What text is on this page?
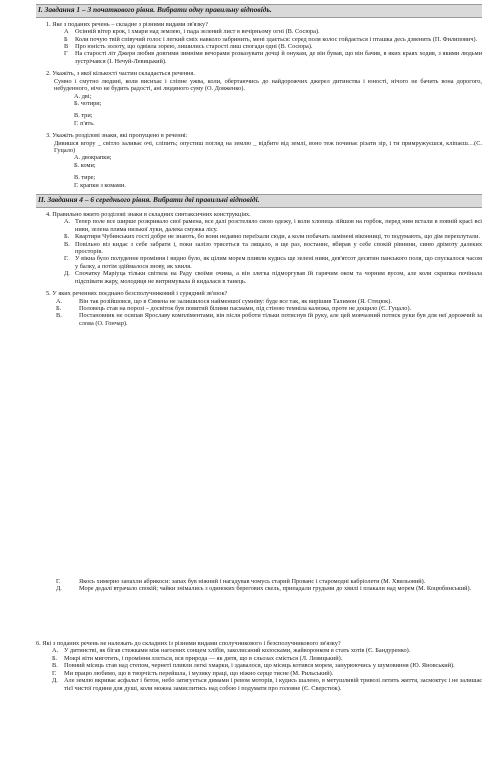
І. Завдання 1 – 3 початкового рівня. Вибрати одну правильну відповідь.

1. Яке з поданих речень – складне з різними видами зв'язку?

А	Осінній вітер крок, і хмари над землею, і пада зелений лист в вечірньому огні (В. Сосюра).
Б	Коли почую твій співучий голос і легкий сміх навколо забринить, мені здається: серед поля колос гойдається і пташка десь дзвенить (П. Филипович).
В	Про юність золоту, що одвіяла зорею, лишились старості лиш спогади одні (В. Сосюра).
Г	На старості літ Джеря любив довгими зимніми вечорами розказувати дочці й онукам, де він бував, що він бачив, в яких краях ходив, з якими людьми зустрічався (І. Нечуй-Левицький).

2. Укажіть, з якої кількості частин складається речення.

Сумно і смутно людині, коли висихає і сліпне ужва, коли, обертаючись до найдорожчих джерел дитинства і юності, нічого не бачить вона дорогого, небуденного, нічо не будить радості, ані людяного суму (О. Довженко).

А. дві;
Б. чотири;
В. три;
Г. п'ять.

3. Укажіть розділові знаки, які пропущено в реченні:

Дивишся вгору _ світло заливає очі, сліпить; опустиш погляд на землю _ відбите від землі, воно теж починає різати зір, і ти примружуєшся, кліпаєш…(С. Гуцало)

А. двокрапки;
Б. коми;
В. тире;
Г. крапки з комами.
ІІ. Завдання 4 – 6 середнього рівня. Вибрати дві правильні відповіді.

4. Правильно вжито розділові знаки в складних синтаксичних конструкціях.

А. Тепер поле все ширше розкривало свої рамена, все далі розстеляло свою одежу, і коли хлопець зійшов на горбок, перед ним встали в повній красі всі ниви, зелена пляма низької луки, далека смужка лісу.
Б. Квартири Чубинських гості добре не знають, бо вони недавно переїхали сюди, а коли побачать замінені віконниці, то подумають, що дім переплутали.
В. Повільно віз кидає з себе забрати і, поки залізо трясеться та лящало, я ще раз, востаннє, вбирав у себе спокій рівнини, синю дрімоту далеких просторів.
Г.	У вікна було полуденне проміння і видно було, як цілим морем пливли кудись ще зелені ниви, дев'ятсот десятин панського поля, що спускалося часом у балку, а потім здіймалося знову, як хвиля.
Д. Спочатку Маріуца тільки світила на Раду своїми очима, а він злегка підморгував їй гарячим оком та чорним вусом, але коли скрипка почінала підспівати жару, молодиця не витримувала й кидалася в танець.

5. У яких реченнях поєднано безсполучниковий і сурядний зв'язок?

А.	Він так розійшовся, що в Євмена не залишилося найменшої сумніву: буде все так, як вирішив Талимон (Я. Стецюк).
Б.	Половець став на порозі – досвіток був повитий білими пасмами, під стіною темніла калюжа, проте не дощило (Є. Гуцало).
В.	Постановник не осипав Ярославу компліментами, він після роботи тільки потиснув їй руку, але цей мовчазний потиск руки був для неї дорожчий за слова (О. Гончар).
Г.	Якось химерно запахли абрикоси: запах був ніжний і нагадував чомусь старий Прованс і старомодні кабріолети (М. Хвильовий).
Д.	Море дедалі втрачало спокій; чайки знімались з одиноких берегових скель, припадали грудьми до хвилі і плакали над морем (М. Коцюбинський).

6. Які з поданих речень не належать до складних із різними видами сполучникового і безсполучникового зв'язку?

А. У дитинстві, як бігав стежками між нагоєних сонцем хлібів, заколисаний колосками, жайворонком в стать хотів (Є. Бандуренко).
Б.	Мокрі віти миготять, і проміння ллється, вся природа — як дитя, що в сльозах сміється (Л. Левицький).
В. Повний місяць став над степом, чернеті пливли легкі хмарки, і здавалося, що місяць котився морем, занурюючись у шумовиння (Ю. Яновський).
Г.	Ми працю любимо, що в творчість перейшла, і музику праці, що ніжно серце тисне (М. Рильський).
Д. Але землю вкриває асфальт і бетон, небо затягується димами і ревом моторів, і кудись шалено, в метушливій тривозі летить життя, засмоктує і не залишає тієї чистої години для душі, коли можна замислитись над собою і подумати про головне (Є. Сверстюк).
